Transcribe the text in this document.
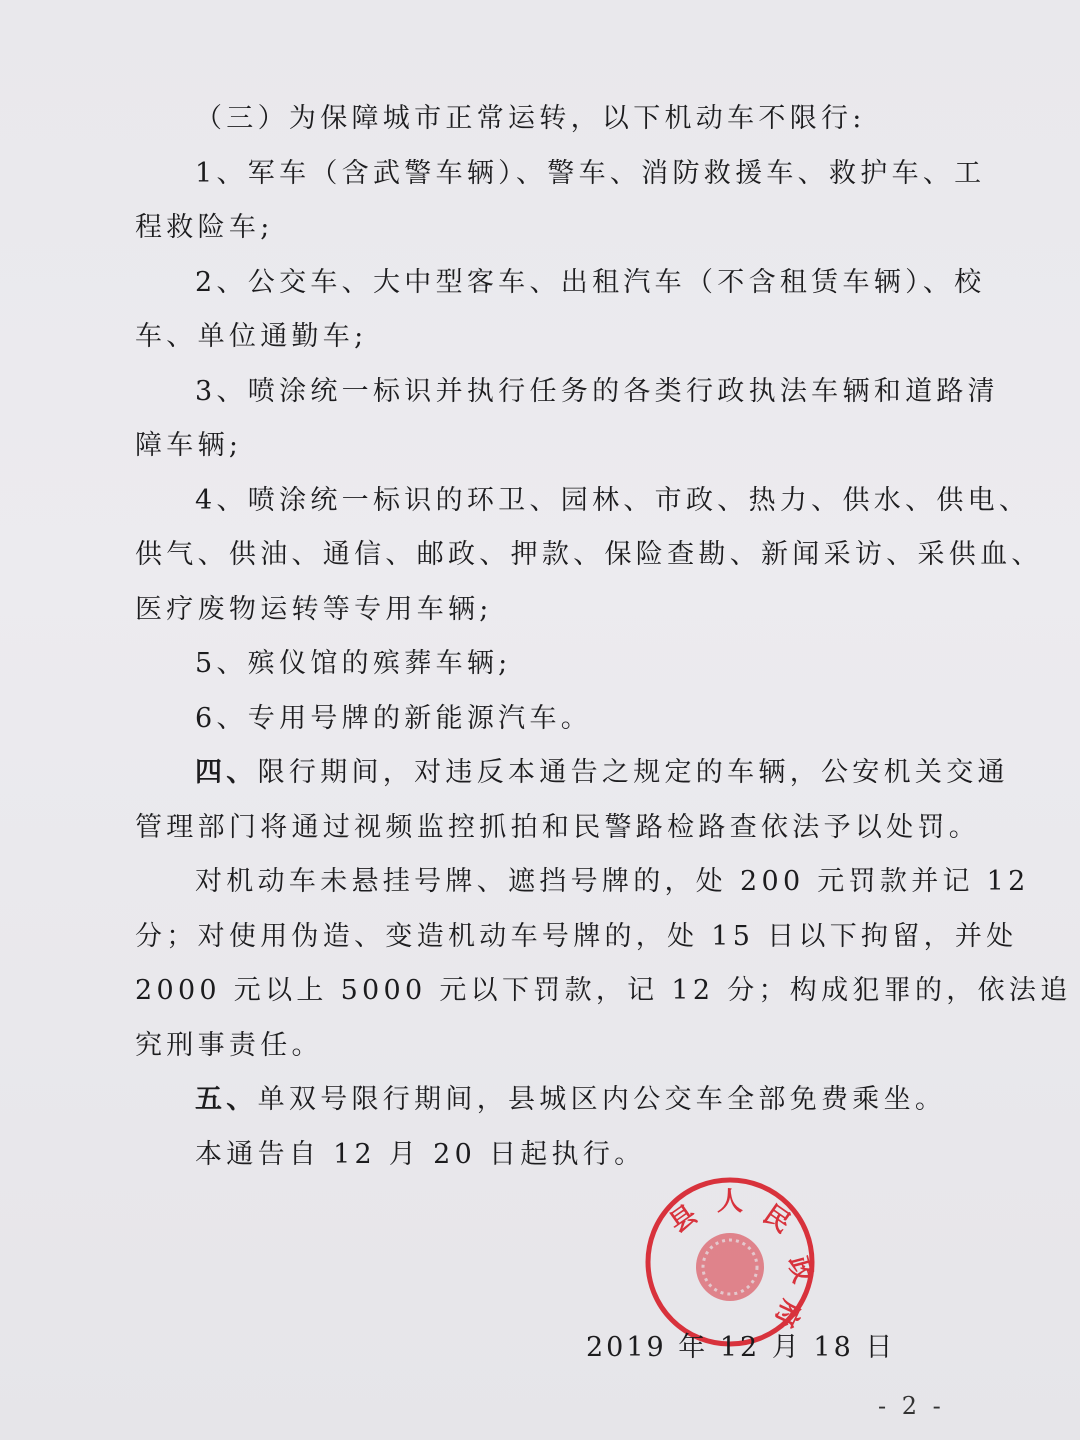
（三）为保障城市正常运转，以下机动车不限行:
1、军车（含武警车辆）、警车、消防救援车、救护车、工
程救险车;
2、公交车、大中型客车、出租汽车（不含租赁车辆）、校
车、单位通勤车;
3、喷涂统一标识并执行任务的各类行政执法车辆和道路清
障车辆;
4、喷涂统一标识的环卫、园林、市政、热力、供水、供电、
供气、供油、通信、邮政、押款、保险查勘、新闻采访、采供血、
医疗废物运转等专用车辆;
5、殡仪馆的殡葬车辆;
6、专用号牌的新能源汽车。
四、限行期间，对违反本通告之规定的车辆，公安机关交通
管理部门将通过视频监控抓拍和民警路检路查依法予以处罚。
对机动车未悬挂号牌、遮挡号牌的，处 200 元罚款并记 12
分；对使用伪造、变造机动车号牌的，处 15 日以下拘留，并处
2000 元以上 5000 元以下罚款，记 12 分；构成犯罪的，依法追
究刑事责任。
五、单双号限行期间，县城区内公交车全部免费乘坐。
本通告自 12 月 20 日起执行。
人
县 民
政
府
2019 年 12 月 18 日
- 2 -
